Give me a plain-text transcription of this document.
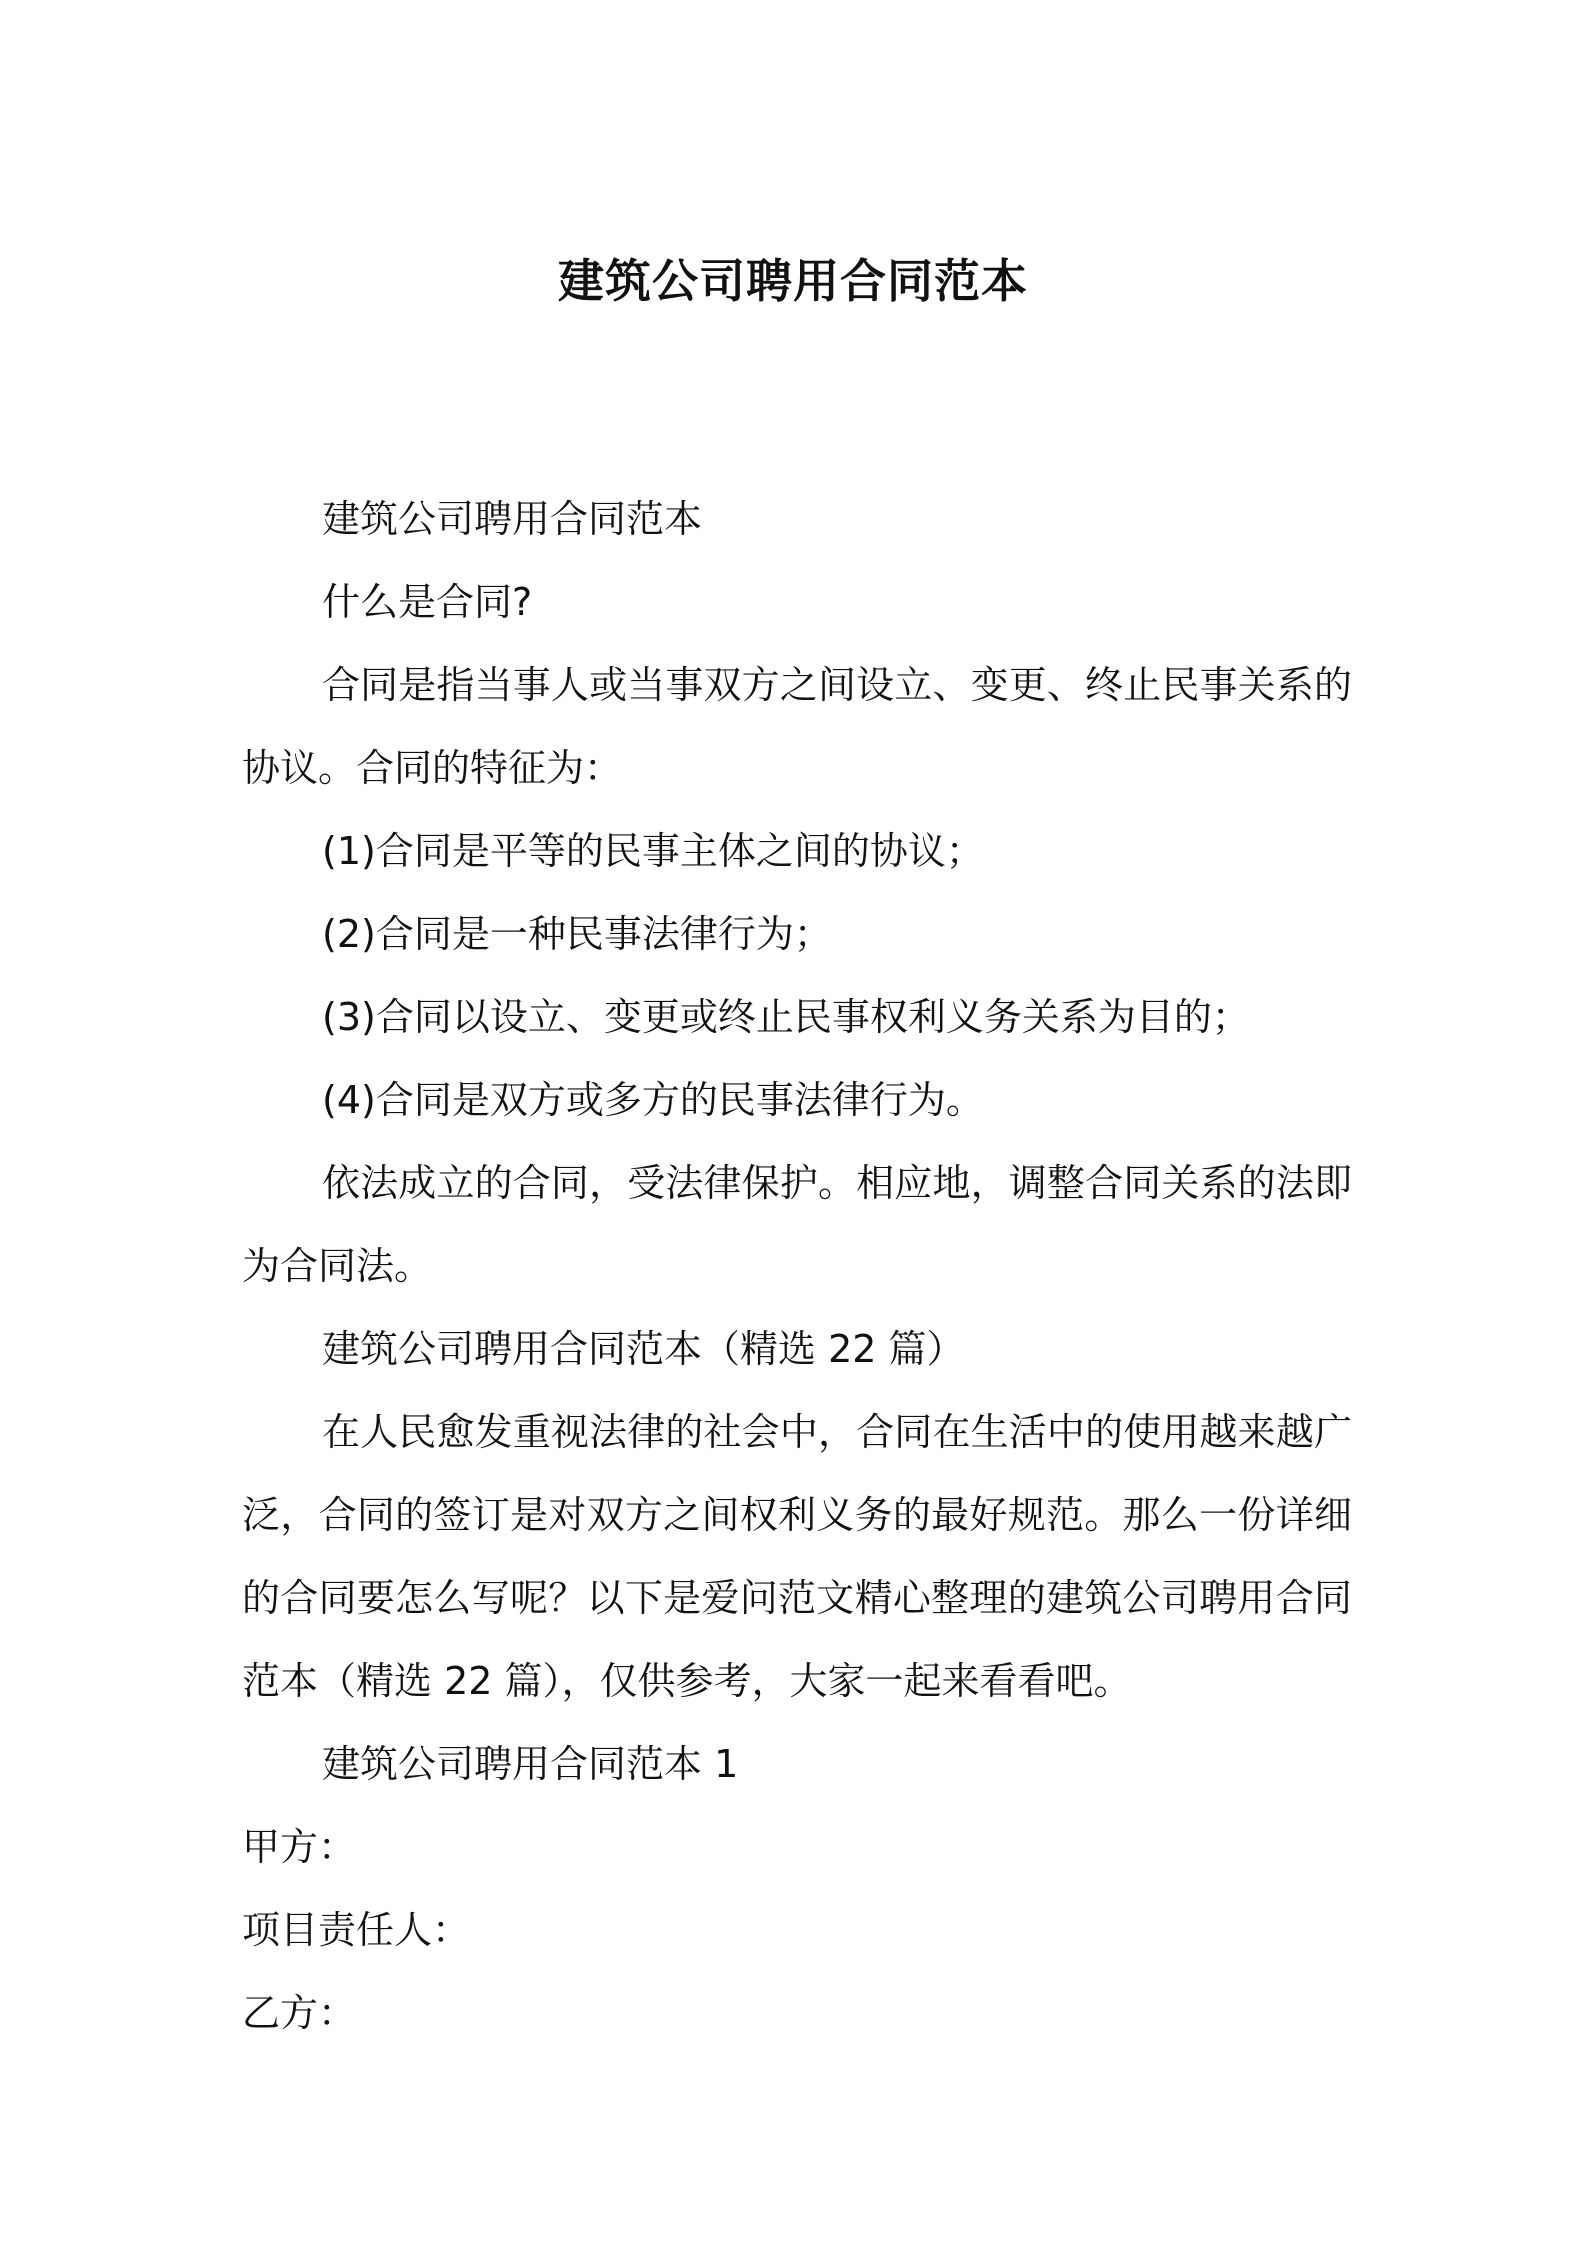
建筑公司聘用合同范本

建筑公司聘用合同范本

什么是合同?

合同是指当事人或当事双方之间设立、变更、终止民事关系的协议。合同的特征为：

(1)合同是平等的民事主体之间的协议；

(2)合同是一种民事法律行为；

(3)合同以设立、变更或终止民事权利义务关系为目的；

(4)合同是双方或多方的民事法律行为。

依法成立的合同，受法律保护。相应地，调整合同关系的法即为合同法。

建筑公司聘用合同范本（精选 22 篇）

在人民愈发重视法律的社会中，合同在生活中的使用越来越广泛，合同的签订是对双方之间权利义务的最好规范。那么一份详细的合同要怎么写呢？以下是爱问范文精心整理的建筑公司聘用合同范本（精选 22 篇），仅供参考，大家一起来看看吧。

建筑公司聘用合同范本 1

甲方：

项目责任人：

乙方：
